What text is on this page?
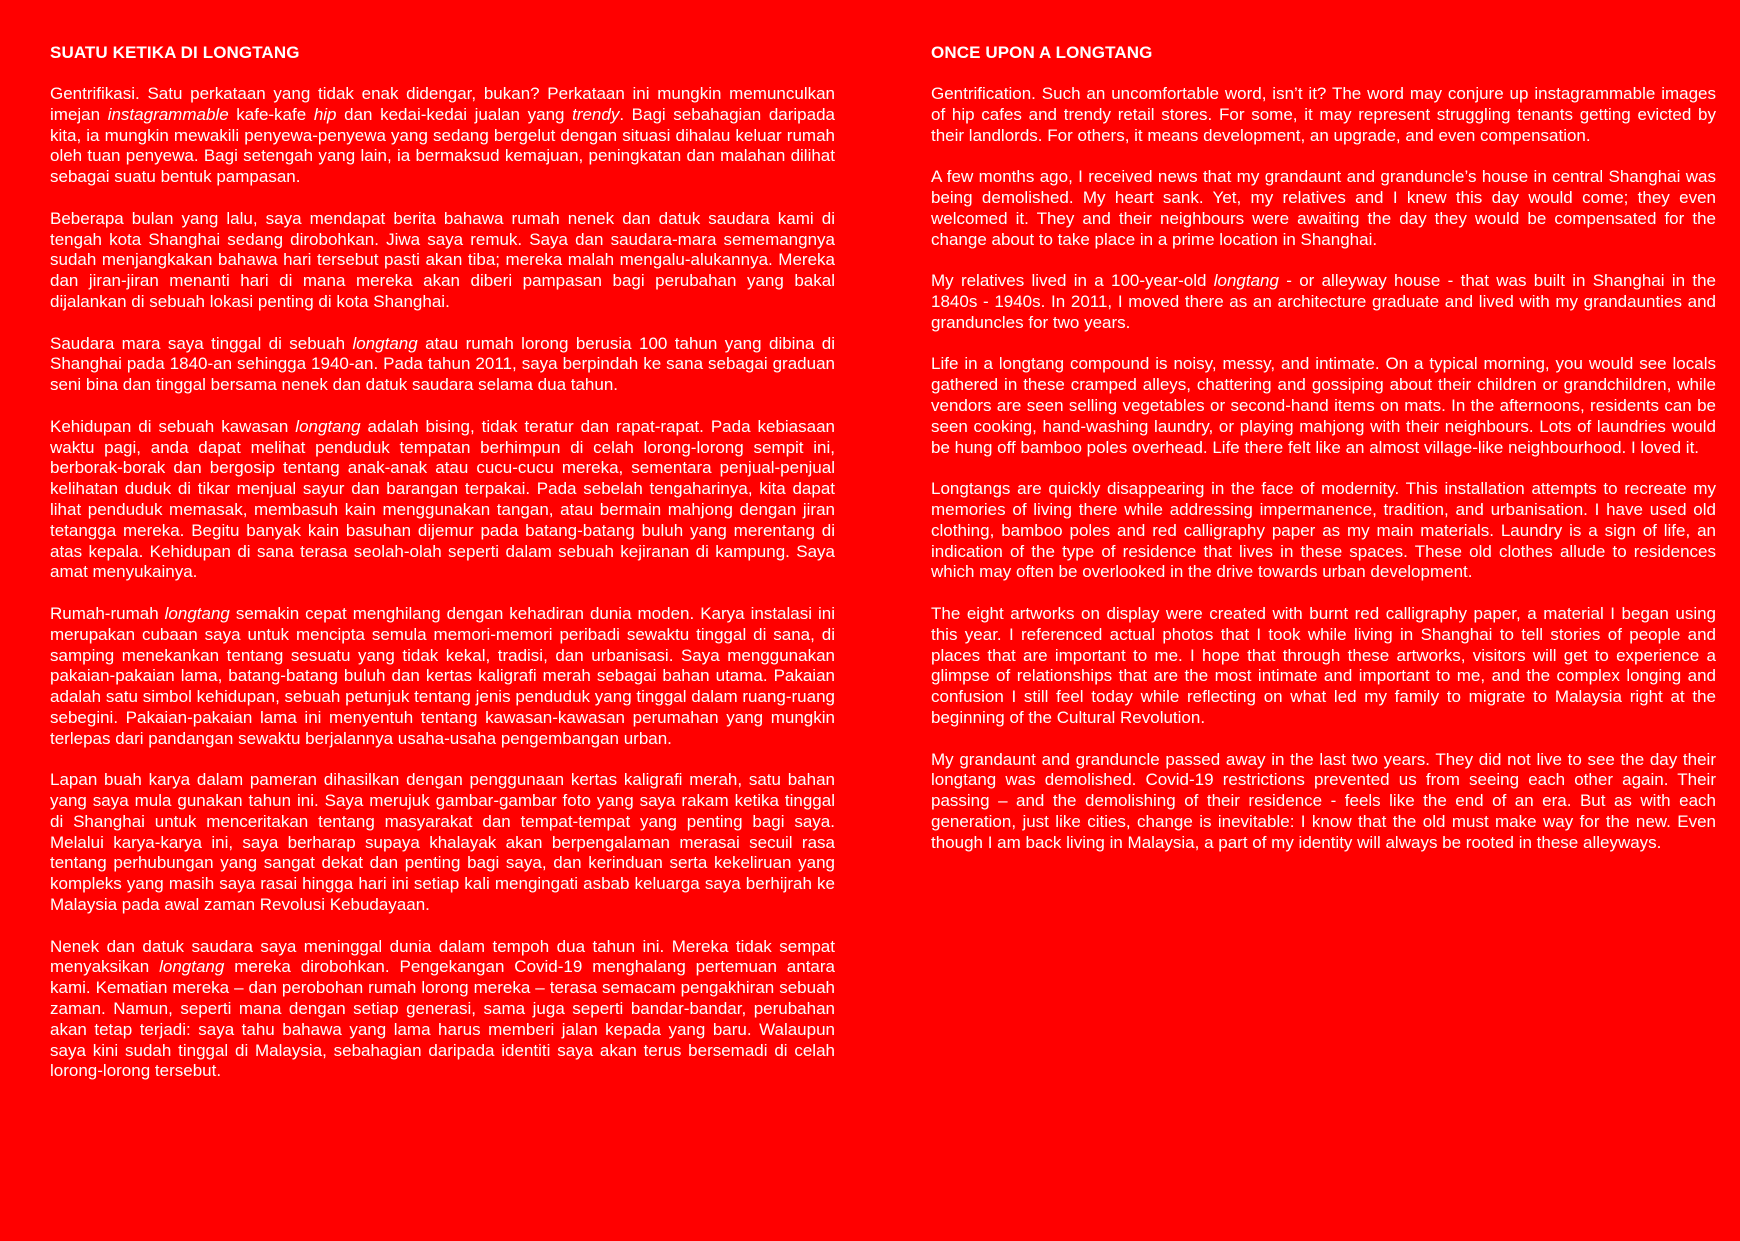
SUATU KETIKA DI LONGTANG

Gentrifikasi. Satu perkataan yang tidak enak didengar, bukan? Perkataan ini mungkin memunculkan imejan instagrammable kafe-kafe hip dan kedai-kedai jualan yang trendy. Bagi sebahagian daripada kita, ia mungkin mewakili penyewa-penyewa yang sedang bergelut dengan situasi dihalau keluar rumah oleh tuan penyewa. Bagi setengah yang lain, ia bermaksud kemajuan, peningkatan dan malahan dilihat sebagai suatu bentuk pampasan.

Beberapa bulan yang lalu, saya mendapat berita bahawa rumah nenek dan datuk saudara kami di tengah kota Shanghai sedang dirobohkan. Jiwa saya remuk. Saya dan saudara-mara sememangnya sudah menjangkakan bahawa hari tersebut pasti akan tiba; mereka malah mengalu-alukannya. Mereka dan jiran-jiran menanti hari di mana mereka akan diberi pampasan bagi perubahan yang bakal dijalankan di sebuah lokasi penting di kota Shanghai.

Saudara mara saya tinggal di sebuah longtang atau rumah lorong berusia 100 tahun yang dibina di Shanghai pada 1840-an sehingga 1940-an. Pada tahun 2011, saya berpindah ke sana sebagai graduan seni bina dan tinggal bersama nenek dan datuk saudara selama dua tahun.

Kehidupan di sebuah kawasan longtang adalah bising, tidak teratur dan rapat-rapat. Pada kebiasaan waktu pagi, anda dapat melihat penduduk tempatan berhimpun di celah lorong-lorong sempit ini, berborak-borak dan bergosip tentang anak-anak atau cucu-cucu mereka, sementara penjual-penjual kelihatan duduk di tikar menjual sayur dan barangan terpakai. Pada sebelah tengaharinya, kita dapat lihat penduduk memasak, membasuh kain menggunakan tangan, atau bermain mahjong dengan jiran tetangga mereka. Begitu banyak kain basuhan dijemur pada batang-batang buluh yang merentang di atas kepala. Kehidupan di sana terasa seolah-olah seperti dalam sebuah kejiranan di kampung. Saya amat menyukainya.

Rumah-rumah longtang semakin cepat menghilang dengan kehadiran dunia moden. Karya instalasi ini merupakan cubaan saya untuk mencipta semula memori-memori peribadi sewaktu tinggal di sana, di samping menekankan tentang sesuatu yang tidak kekal, tradisi, dan urbanisasi. Saya menggunakan pakaian-pakaian lama, batang-batang buluh dan kertas kaligrafi merah sebagai bahan utama. Pakaian adalah satu simbol kehidupan, sebuah petunjuk tentang jenis penduduk yang tinggal dalam ruang-ruang sebegini. Pakaian-pakaian lama ini menyentuh tentang kawasan-kawasan perumahan yang mungkin terlepas dari pandangan sewaktu berjalannya usaha-usaha pengembangan urban.

Lapan buah karya dalam pameran dihasilkan dengan penggunaan kertas kaligrafi merah, satu bahan yang saya mula gunakan tahun ini. Saya merujuk gambar-gambar foto yang saya rakam ketika tinggal di Shanghai untuk menceritakan tentang masyarakat dan tempat-tempat yang penting bagi saya. Melalui karya-karya ini, saya berharap supaya khalayak akan berpengalaman merasai secuil rasa tentang perhubungan yang sangat dekat dan penting bagi saya, dan kerinduan serta kekeliruan yang kompleks yang masih saya rasai hingga hari ini setiap kali mengingati asbab keluarga saya berhijrah ke Malaysia pada awal zaman Revolusi Kebudayaan.

Nenek dan datuk saudara saya meninggal dunia dalam tempoh dua tahun ini. Mereka tidak sempat menyaksikan longtang mereka dirobohkan. Pengekangan Covid-19 menghalang pertemuan antara kami. Kematian mereka – dan perobohan rumah lorong mereka – terasa semacam pengakhiran sebuah zaman. Namun, seperti mana dengan setiap generasi, sama juga seperti bandar-bandar, perubahan akan tetap terjadi: saya tahu bahawa yang lama harus memberi jalan kepada yang baru. Walaupun saya kini sudah tinggal di Malaysia, sebahagian daripada identiti saya akan terus bersemadi di celah lorong-lorong tersebut.

ONCE UPON A LONGTANG

Gentrification. Such an uncomfortable word, isn’t it? The word may conjure up instagrammable images of hip cafes and trendy retail stores. For some, it may represent struggling tenants getting evicted by their landlords. For others, it means development, an upgrade, and even compensation.

A few months ago, I received news that my grandaunt and granduncle’s house in central Shanghai was being demolished. My heart sank. Yet, my relatives and I knew this day would come; they even welcomed it. They and their neighbours were awaiting the day they would be compensated for the change about to take place in a prime location in Shanghai.

My relatives lived in a 100-year-old longtang - or alleyway house - that was built in Shanghai in the 1840s - 1940s. In 2011, I moved there as an architecture graduate and lived with my grandaunties and granduncles for two years.

Life in a longtang compound is noisy, messy, and intimate. On a typical morning, you would see locals gathered in these cramped alleys, chattering and gossiping about their children or grandchildren, while vendors are seen selling vegetables or second-hand items on mats. In the afternoons, residents can be seen cooking, hand-washing laundry, or playing mahjong with their neighbours. Lots of laundries would be hung off bamboo poles overhead. Life there felt like an almost village-like neighbourhood. I loved it.

Longtangs are quickly disappearing in the face of modernity. This installation attempts to recreate my memories of living there while addressing impermanence, tradition, and urbanisation. I have used old clothing, bamboo poles and red calligraphy paper as my main materials. Laundry is a sign of life, an indication of the type of residence that lives in these spaces. These old clothes allude to residences which may often be overlooked in the drive towards urban development.

The eight artworks on display were created with burnt red calligraphy paper, a material I began using this year. I referenced actual photos that I took while living in Shanghai to tell stories of people and places that are important to me. I hope that through these artworks, visitors will get to experience a glimpse of relationships that are the most intimate and important to me, and the complex longing and confusion I still feel today while reflecting on what led my family to migrate to Malaysia right at the beginning of the Cultural Revolution.

My grandaunt and granduncle passed away in the last two years. They did not live to see the day their longtang was demolished. Covid-19 restrictions prevented us from seeing each other again. Their passing – and the demolishing of their residence - feels like the end of an era. But as with each generation, just like cities, change is inevitable: I know that the old must make way for the new. Even though I am back living in Malaysia, a part of my identity will always be rooted in these alleyways.
